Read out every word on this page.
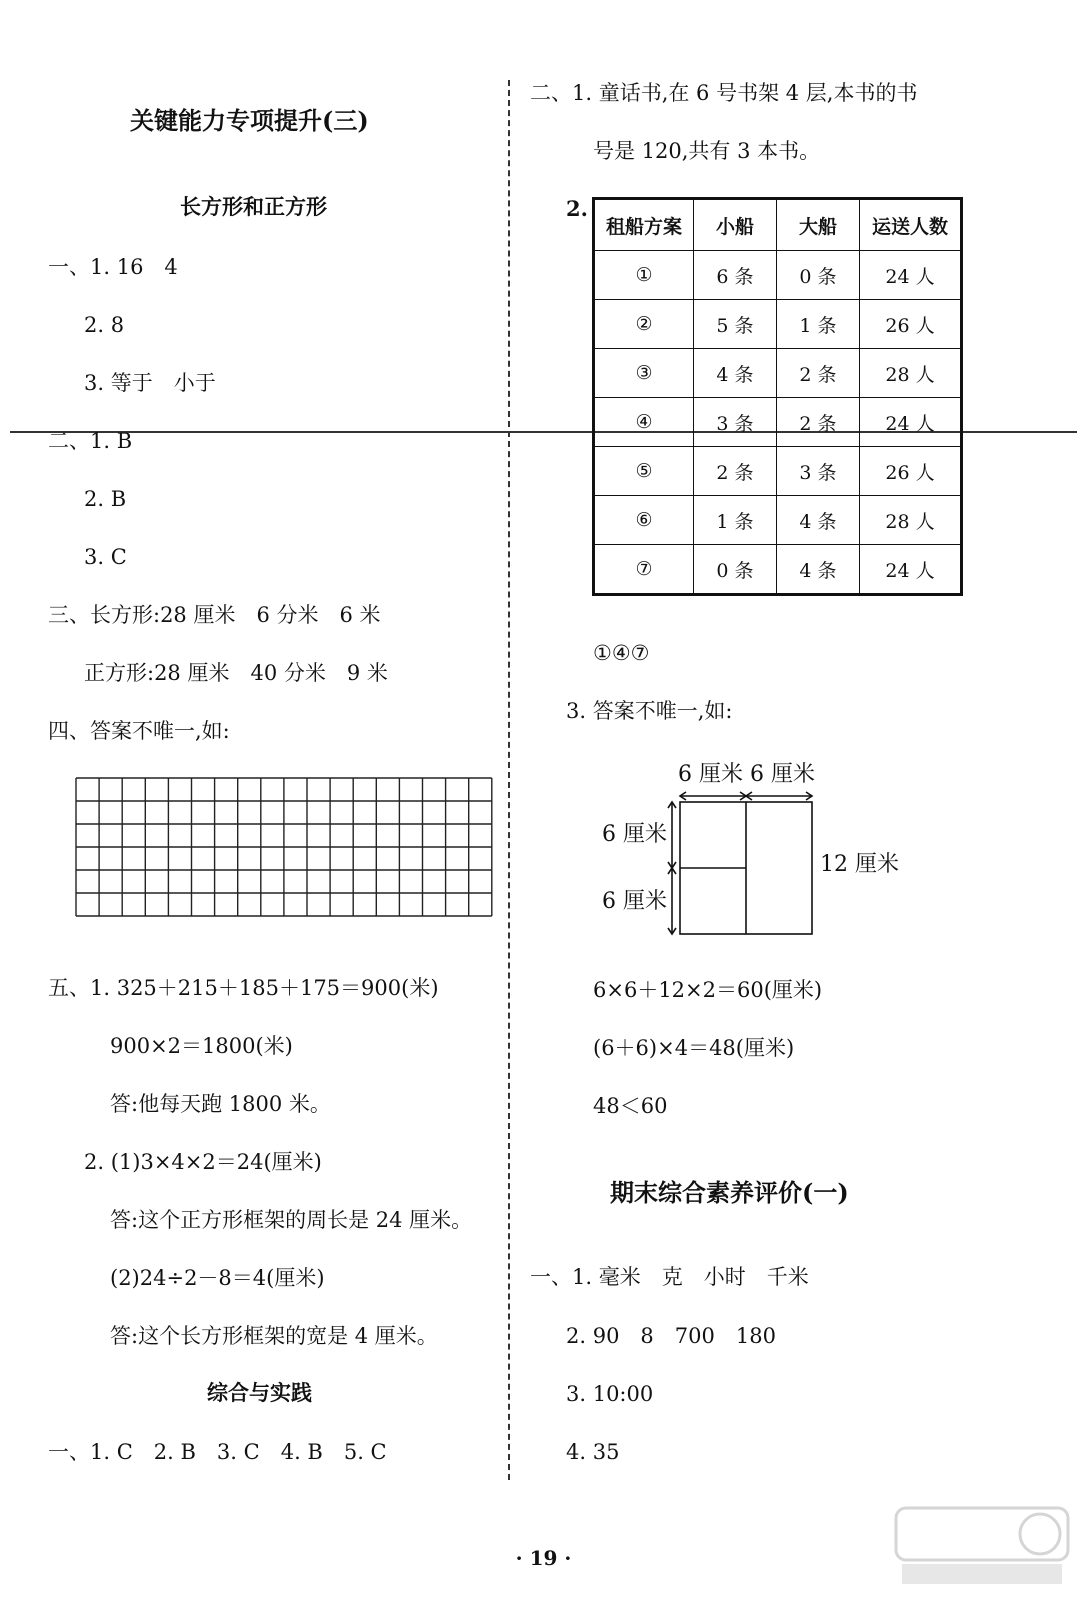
关键能力专项提升(三)
长方形和正方形
一、1. 16　4
2. 8
3. 等于　小于
二、1. B
2. B
3. C
三、长方形:28 厘米　6 分米　6 米
正方形:28 厘米　40 分米　9 米
四、答案不唯一,如:
五、1. 325＋215＋185＋175＝900(米)
900×2＝1800(米)
答:他每天跑 1800 米。
2. (1)3×4×2＝24(厘米)
答:这个正方形框架的周长是 24 厘米。
(2)24÷2－8＝4(厘米)
答:这个长方形框架的宽是 4 厘米。
综合与实践
一、1. C　2. B　3. C　4. B　5. C
二、1. 童话书,在 6 号书架 4 层,本书的书
号是 120,共有 3 本书。
2.
租船方案	小船	大船	运送人数
①	6 条	0 条	24 人
②	5 条	1 条	26 人
③	4 条	2 条	28 人
④	3 条	2 条	24 人
⑤	2 条	3 条	26 人
⑥	1 条	4 条	28 人
⑦	0 条	4 条	24 人
①④⑦
3. 答案不唯一,如:
6 厘米 6 厘米
6 厘米
6 厘米
12 厘米
6×6＋12×2＝60(厘米)
(6＋6)×4＝48(厘米)
48＜60
期末综合素养评价(一)
一、1. 毫米　克　小时　千米
2. 90　8　700　180
3. 10:00
4. 35
· 19 ·
